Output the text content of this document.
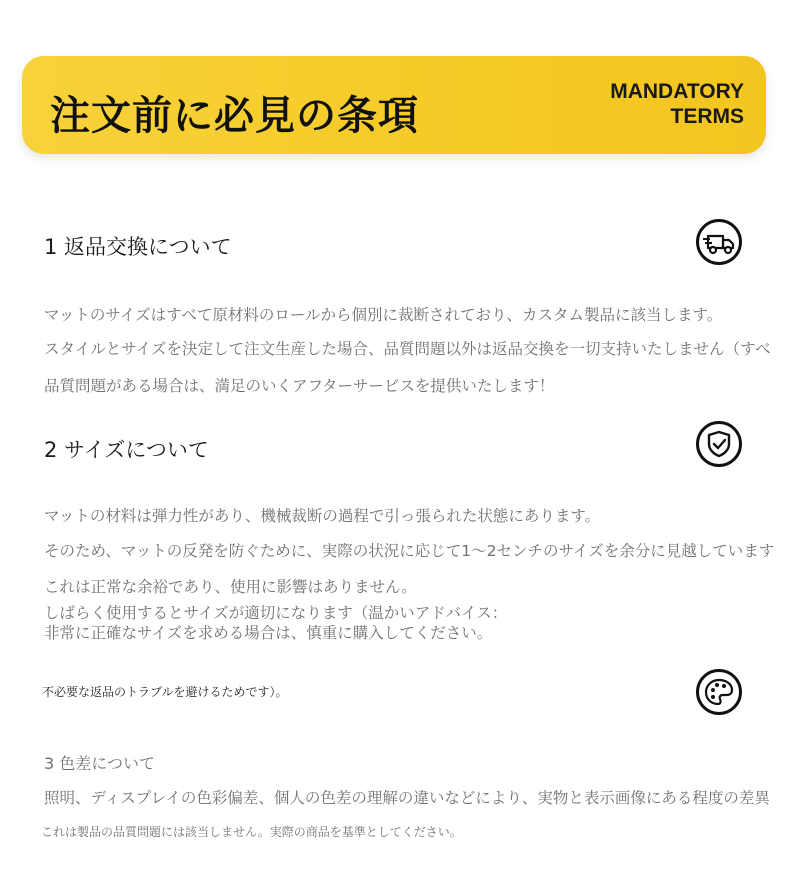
注文前に必見の条項
MANDATORY
TERMS
1 返品交換について
マットのサイズはすべて原材料のロールから個別に裁断されており、カスタム製品に該当します。
スタイルとサイズを決定して注文生産した場合、品質問題以外は返品交換を一切支持いたしません（すべ
品質問題がある場合は、満足のいくアフターサービスを提供いたします！
2 サイズについて
マットの材料は弾力性があり、機械裁断の過程で引っ張られた状態にあります。
そのため、マットの反発を防ぐために、実際の状況に応じて1〜2センチのサイズを余分に見越しています
これは正常な余裕であり、使用に影響はありません。
しばらく使用するとサイズが適切になります（温かいアドバイス：
非常に正確なサイズを求める場合は、慎重に購入してください。
不必要な返品のトラブルを避けるためです）。
3 色差について
照明、ディスプレイの色彩偏差、個人の色差の理解の違いなどにより、実物と表示画像にある程度の差異
これは製品の品質問題には該当しません。実際の商品を基準としてください。
